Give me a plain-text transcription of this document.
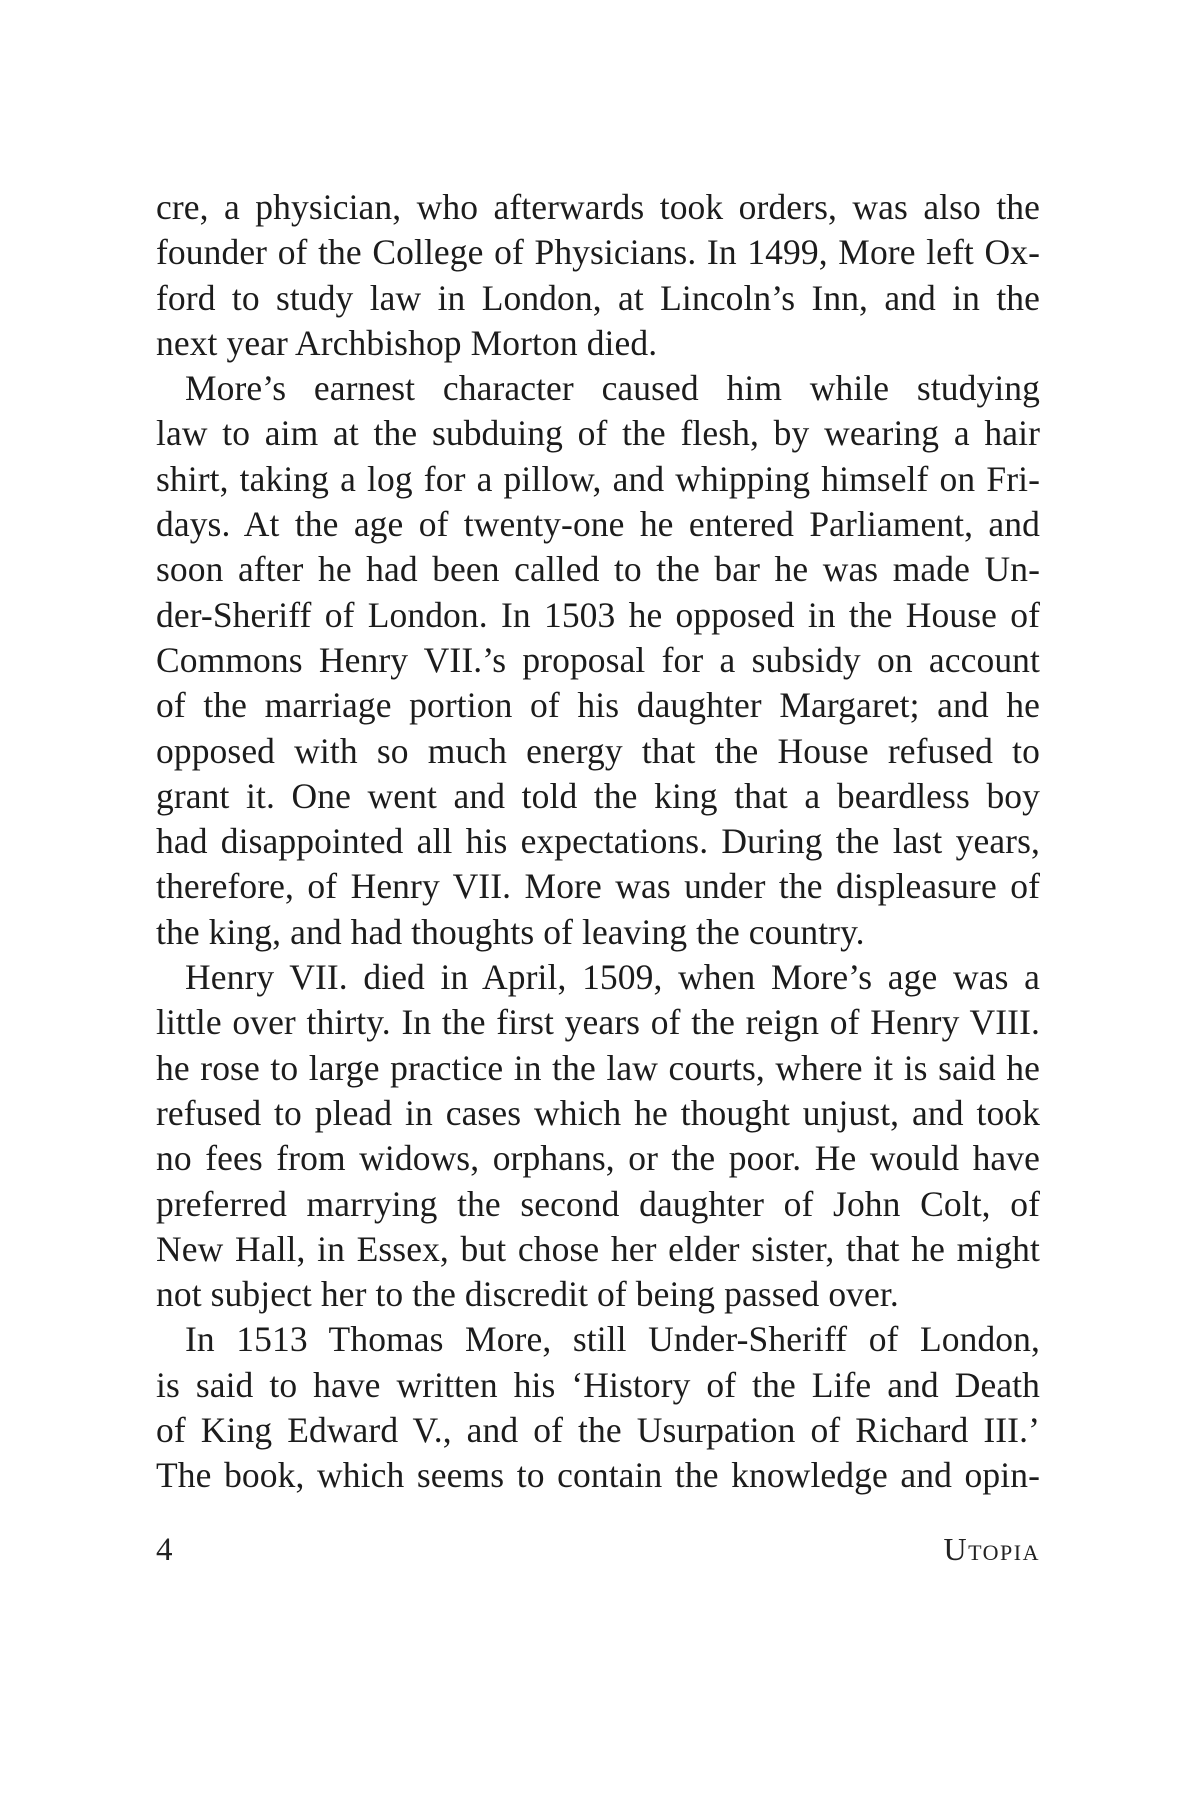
cre, a physician, who afterwards took orders, was also the
founder of the College of Physicians. In 1499, More left Ox-
ford to study law in London, at Lincoln’s Inn, and in the
next year Archbishop Morton died.
More’s earnest character caused him while studying
law to aim at the subduing of the flesh, by wearing a hair
shirt, taking a log for a pillow, and whipping himself on Fri-
days. At the age of twenty-one he entered Parliament, and
soon after he had been called to the bar he was made Un-
der-Sheriff of London. In 1503 he opposed in the House of
Commons Henry VII.’s proposal for a subsidy on account
of the marriage portion of his daughter Margaret; and he
opposed with so much energy that the House refused to
grant it. One went and told the king that a beardless boy
had disappointed all his expectations. During the last years,
therefore, of Henry VII. More was under the displeasure of
the king, and had thoughts of leaving the country.
Henry VII. died in April, 1509, when More’s age was a
little over thirty. In the first years of the reign of Henry VIII.
he rose to large practice in the law courts, where it is said he
refused to plead in cases which he thought unjust, and took
no fees from widows, orphans, or the poor. He would have
preferred marrying the second daughter of John Colt, of
New Hall, in Essex, but chose her elder sister, that he might
not subject her to the discredit of being passed over.
In 1513 Thomas More, still Under-Sheriff of London,
is said to have written his ‘History of the Life and Death
of King Edward V., and of the Usurpation of Richard III.’
The book, which seems to contain the knowledge and opin-
4	Utopia
